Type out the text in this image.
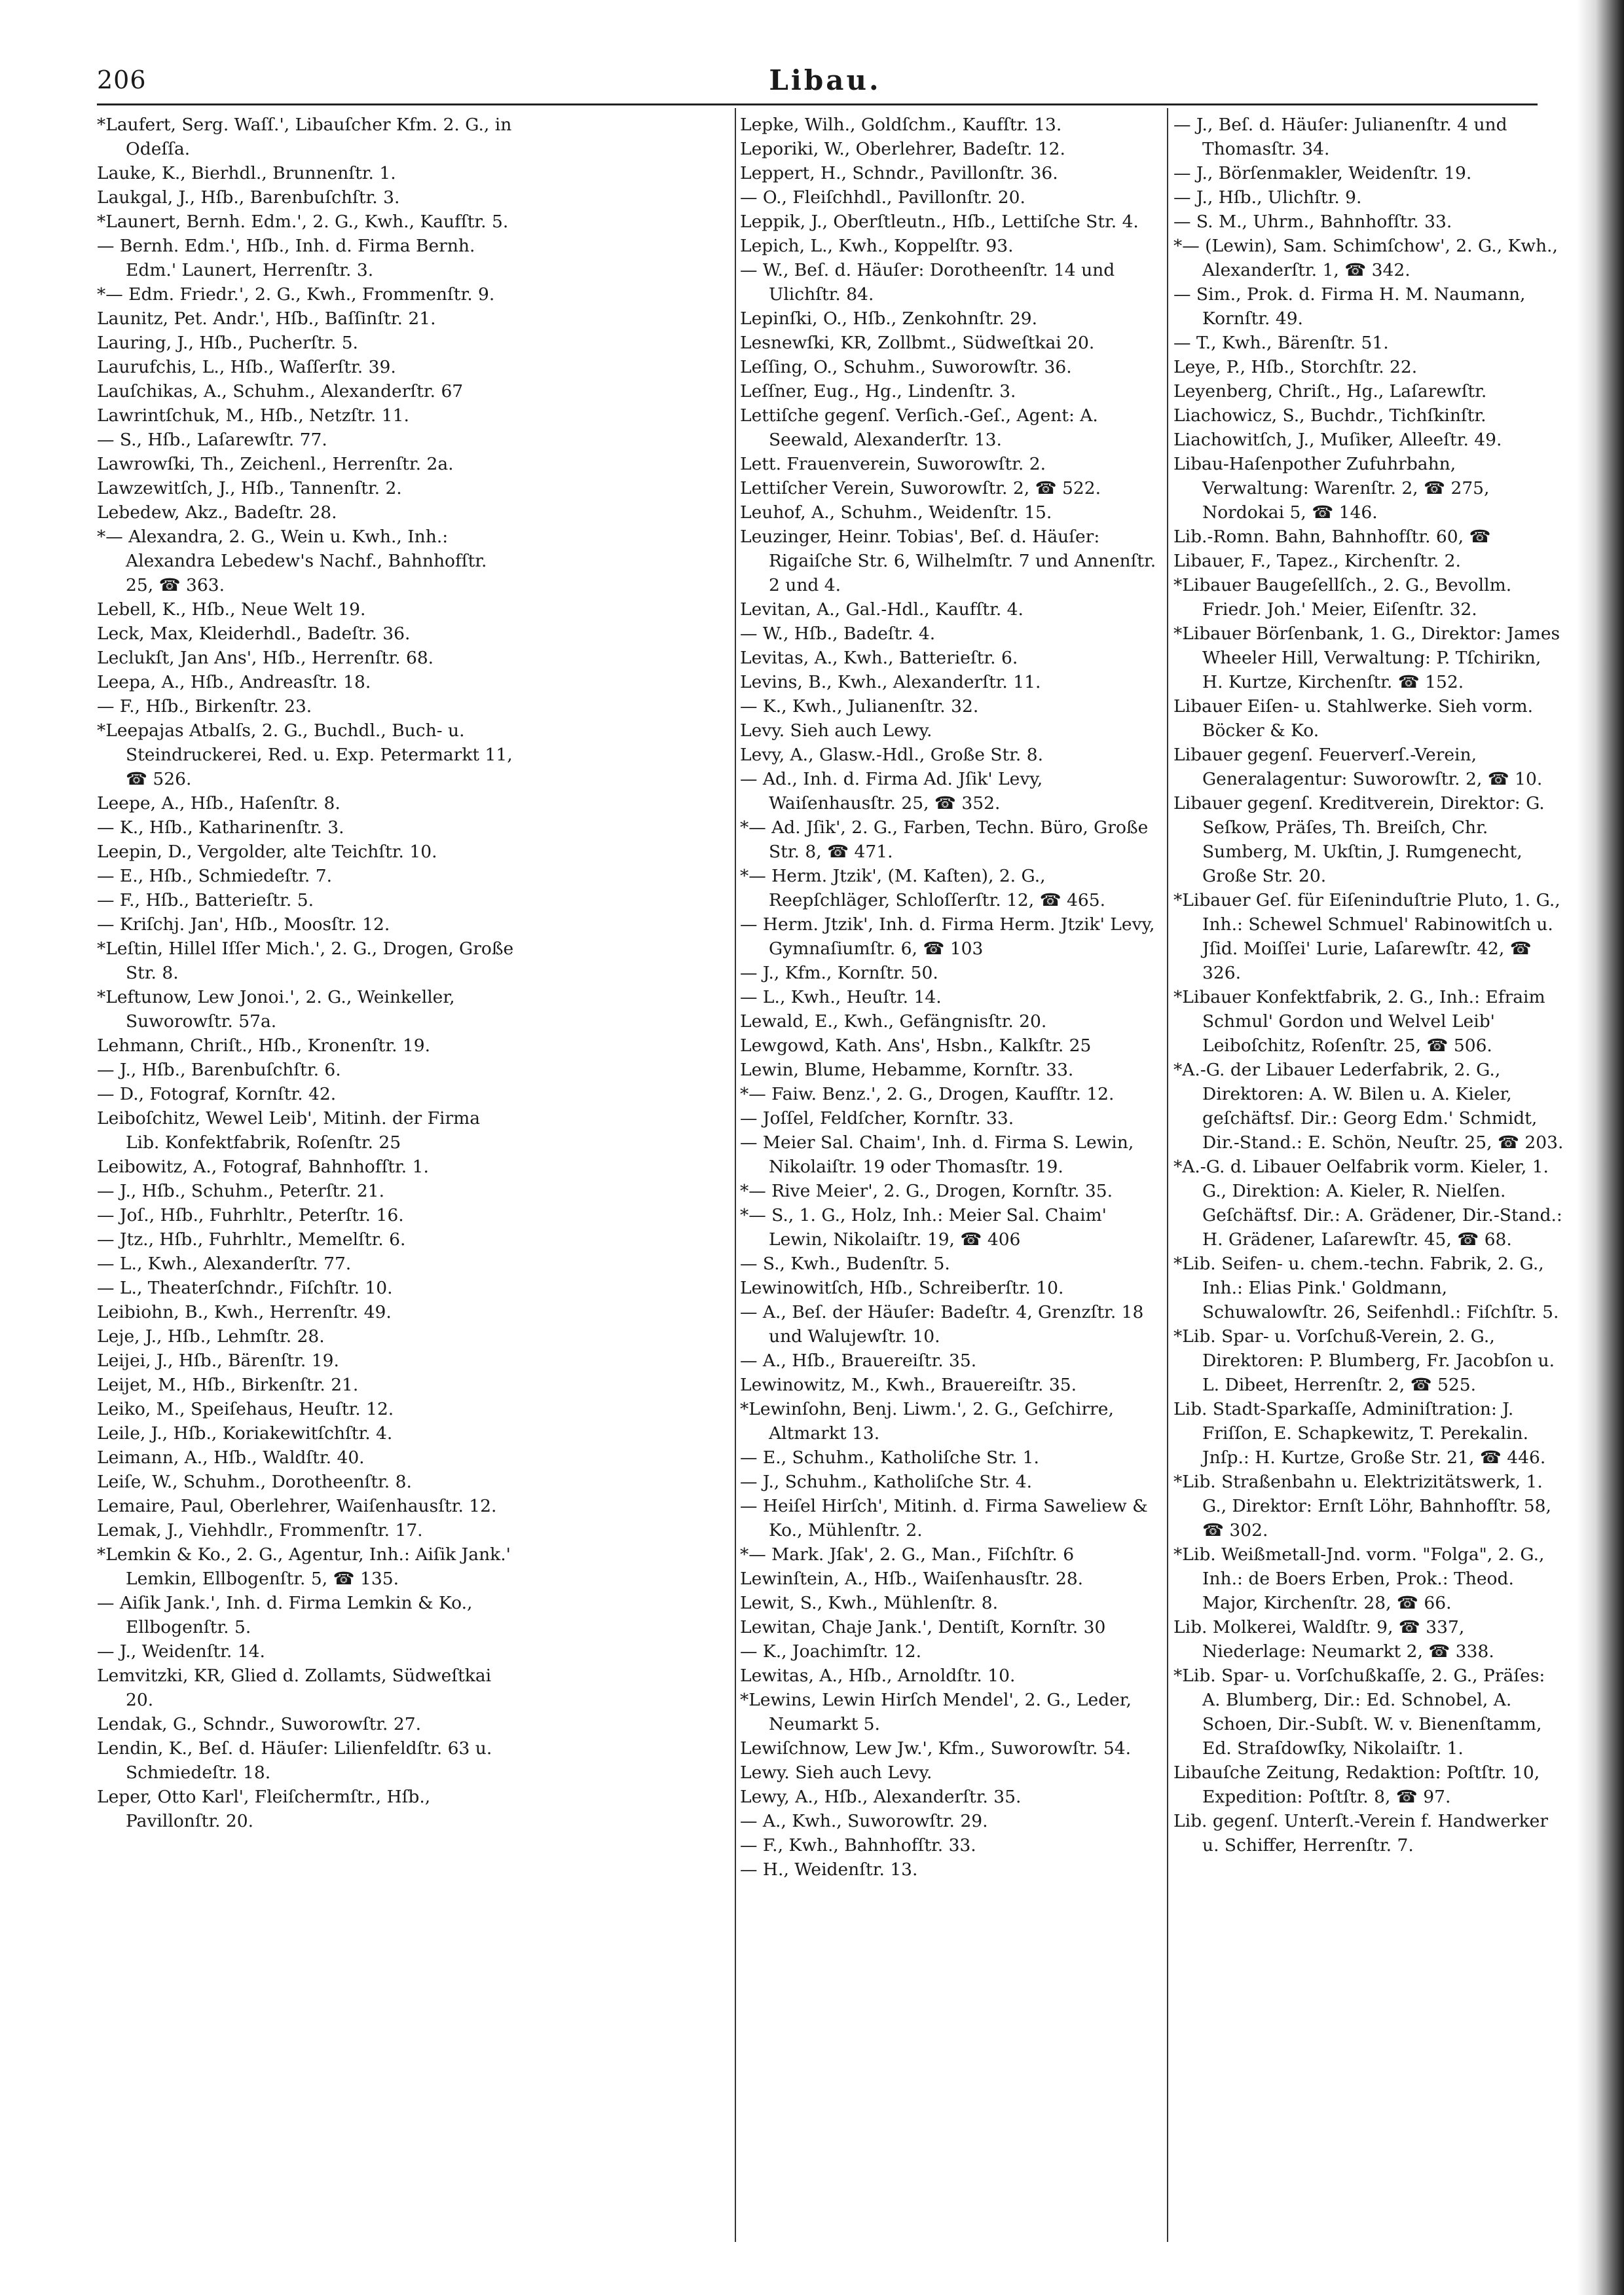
206	Libau.

*Laufert, Serg. Waſſ.', Libauſcher Kfm. 2. G., in Odeſſa.

Lauke, K., Bierhdl., Brunnenſtr. 1.

Laukgal, J., Hſb., Barenbuſchſtr. 3.

*Launert, Bernh. Edm.', 2. G., Kwh., Kaufſtr. 5.

— Bernh. Edm.', Hſb., Inh. d. Firma Bernh. Edm.' Launert, Herrenſtr. 3.

*— Edm. Friedr.', 2. G., Kwh., Frommenſtr. 9.

Launitz, Pet. Andr.', Hſb., Baſſinſtr. 21.

Lauring, J., Hſb., Pucherſtr. 5.

Laurufchis, L., Hſb., Waſſerſtr. 39.

Lauſchikas, A., Schuhm., Alexanderſtr. 67

Lawrintſchuk, M., Hſb., Netzſtr. 11.

— S., Hſb., Laſarewſtr. 77.

Lawrowſki, Th., Zeichenl., Herrenſtr. 2a.

Lawzewitſch, J., Hſb., Tannenſtr. 2.

Lebedew, Akz., Badeſtr. 28.

*— Alexandra, 2. G., Wein u. Kwh., Inh.: Alexandra Lebedew's Nachf., Bahnhofſtr. 25, ☎ 363.

Lebell, K., Hſb., Neue Welt 19.

Leck, Max, Kleiderhdl., Badeſtr. 36.

Leclukſt, Jan Ans', Hſb., Herrenſtr. 68.

Leepa, A., Hſb., Andreasſtr. 18.

— F., Hſb., Birkenſtr. 23.

*Leepajas Atbalſs, 2. G., Buchdl., Buch- u. Steindruckerei, Red. u. Exp. Petermarkt 11, ☎ 526.

Leepe, A., Hſb., Haſenſtr. 8.

— K., Hſb., Katharinenſtr. 3.

Leepin, D., Vergolder, alte Teichſtr. 10.

— E., Hſb., Schmiedeſtr. 7.

— F., Hſb., Batterieſtr. 5.

— Kriſchj. Jan', Hſb., Moosſtr. 12.

*Leſtin, Hillel Iſſer Mich.', 2. G., Drogen, Große Str. 8.

*Leftunow, Lew Jonoi.', 2. G., Weinkeller, Suworowſtr. 57a.

Lehmann, Chriſt., Hſb., Kronenſtr. 19.

— J., Hſb., Barenbuſchſtr. 6.

— D., Fotograf, Kornſtr. 42.

Leiboſchitz, Wewel Leib', Mitinh. der Firma Lib. Konfektfabrik, Roſenſtr. 25

Leibowitz, A., Fotograf, Bahnhofſtr. 1.

— J., Hſb., Schuhm., Peterſtr. 21.

— Joſ., Hſb., Fuhrhltr., Peterſtr. 16.

— Jtz., Hſb., Fuhrhltr., Memelſtr. 6.

— L., Kwh., Alexanderſtr. 77.

— L., Theaterſchndr., Fiſchſtr. 10.

Leibiohn, B., Kwh., Herrenſtr. 49.

Leje, J., Hſb., Lehmſtr. 28.

Leijei, J., Hſb., Bärenſtr. 19.

Leijet, M., Hſb., Birkenſtr. 21.

Leiko, M., Speiſehaus, Heuſtr. 12.

Leile, J., Hſb., Koriakewitſchſtr. 4.

Leimann, A., Hſb., Waldſtr. 40.

Leiſe, W., Schuhm., Dorotheenſtr. 8.

Lemaire, Paul, Oberlehrer, Waiſenhausſtr. 12.

Lemak, J., Viehhdlr., Frommenſtr. 17.

*Lemkin & Ko., 2. G., Agentur, Inh.: Aiſik Jank.' Lemkin, Ellbogenſtr. 5, ☎ 135.

— Aiſik Jank.', Inh. d. Firma Lemkin & Ko., Ellbogenſtr. 5.

— J., Weidenſtr. 14.

Lemvitzki, KR, Glied d. Zollamts, Südweſtkai 20.

Lendak, G., Schndr., Suworowſtr. 27.

Lendin, K., Beſ. d. Häuſer: Lilienfeldſtr. 63 u. Schmiedeſtr. 18.

Leper, Otto Karl', Fleiſchermſtr., Hſb., Pavillonſtr. 20.

Lepke, Wilh., Goldſchm., Kaufſtr. 13.

Leporiki, W., Oberlehrer, Badeſtr. 12.

Leppert, H., Schndr., Pavillonſtr. 36.

— O., Fleiſchhdl., Pavillonſtr. 20.

Leppik, J., Oberſtleutn., Hſb., Lettiſche Str. 4.

Lepich, L., Kwh., Koppelſtr. 93.

— W., Beſ. d. Häuſer: Dorotheenſtr. 14 und Ulichſtr. 84.

Lepinſki, O., Hſb., Zenkohnſtr. 29.

Lesnewſki, KR, Zollbmt., Südweſtkai 20.

Leſſing, O., Schuhm., Suworowſtr. 36.

Leſſner, Eug., Hg., Lindenſtr. 3.

Lettiſche gegenſ. Verſich.-Geſ., Agent: A. Seewald, Alexanderſtr. 13.

Lett. Frauenverein, Suworowſtr. 2.

Lettiſcher Verein, Suworowſtr. 2, ☎ 522.

Leuhof, A., Schuhm., Weidenſtr. 15.

Leuzinger, Heinr. Tobias', Beſ. d. Häuſer: Rigaiſche Str. 6, Wilhelmſtr. 7 und Annenſtr. 2 und 4.

Levitan, A., Gal.-Hdl., Kaufſtr. 4.

— W., Hſb., Badeſtr. 4.

Levitas, A., Kwh., Batterieſtr. 6.

Levins, B., Kwh., Alexanderſtr. 11.

— K., Kwh., Julianenſtr. 32.

Levy. Sieh auch Lewy.

Levy, A., Glasw.-Hdl., Große Str. 8.

— Ad., Inh. d. Firma Ad. Jſik' Levy, Waiſenhausſtr. 25, ☎ 352.

*— Ad. Jſik', 2. G., Farben, Techn. Büro, Große Str. 8, ☎ 471.

*— Herm. Jtzik', (M. Kaſten), 2. G., Reepſchläger, Schloſſerſtr. 12, ☎ 465.

— Herm. Jtzik', Inh. d. Firma Herm. Jtzik' Levy, Gymnaſiumſtr. 6, ☎ 103

— J., Kfm., Kornſtr. 50.

— L., Kwh., Heuſtr. 14.

Lewald, E., Kwh., Gefängnisſtr. 20.

Lewgowd, Kath. Ans', Hsbn., Kalkſtr. 25

Lewin, Blume, Hebamme, Kornſtr. 33.

*— Faiw. Benz.', 2. G., Drogen, Kaufſtr. 12.

— Joſſel, Feldſcher, Kornſtr. 33.

— Meier Sal. Chaim', Inh. d. Firma S. Lewin, Nikolaiſtr. 19 oder Thomasſtr. 19.

*— Rive Meier', 2. G., Drogen, Kornſtr. 35.

*— S., 1. G., Holz, Inh.: Meier Sal. Chaim' Lewin, Nikolaiſtr. 19, ☎ 406

— S., Kwh., Budenſtr. 5.

Lewinowitſch, Hſb., Schreiberſtr. 10.

— A., Beſ. der Häuſer: Badeſtr. 4, Grenzſtr. 18 und Walujewſtr. 10.

— A., Hſb., Brauereiſtr. 35.

Lewinowitz, M., Kwh., Brauereiſtr. 35.

*Lewinſohn, Benj. Liwm.', 2. G., Geſchirre, Altmarkt 13.

— E., Schuhm., Katholiſche Str. 1.

— J., Schuhm., Katholiſche Str. 4.

— Heiſel Hirſch', Mitinh. d. Firma Saweliew & Ko., Mühlenſtr. 2.

*— Mark. Jſak', 2. G., Man., Fiſchſtr. 6

Lewinſtein, A., Hſb., Waiſenhausſtr. 28.

Lewit, S., Kwh., Mühlenſtr. 8.

Lewitan, Chaje Jank.', Dentiſt, Kornſtr. 30

— K., Joachimſtr. 12.

Lewitas, A., Hſb., Arnoldſtr. 10.

*Lewins, Lewin Hirſch Mendel', 2. G., Leder, Neumarkt 5.

Lewiſchnow, Lew Jw.', Kfm., Suworowſtr. 54.

Lewy. Sieh auch Levy.

Lewy, A., Hſb., Alexanderſtr. 35.

— A., Kwh., Suworowſtr. 29.

— F., Kwh., Bahnhofſtr. 33.

— H., Weidenſtr. 13.

— J., Beſ. d. Häuſer: Julianenſtr. 4 und Thomasſtr. 34.

— J., Börſenmakler, Weidenſtr. 19.

— J., Hſb., Ulichſtr. 9.

— S. M., Uhrm., Bahnhofſtr. 33.

*— (Lewin), Sam. Schimſchow', 2. G., Kwh., Alexanderſtr. 1, ☎ 342.

— Sim., Prok. d. Firma H. M. Naumann, Kornſtr. 49.

— T., Kwh., Bärenſtr. 51.

Leye, P., Hſb., Storchſtr. 22.

Leyenberg, Chriſt., Hg., Laſarewſtr.

Liachowicz, S., Buchdr., Tichſkinſtr.

Liachowitſch, J., Muſiker, Alleeſtr. 49.

Libau-Haſenpother Zufuhrbahn, Verwaltung: Warenſtr. 2, ☎ 275, Nordokai 5, ☎ 146.

Lib.-Romn. Bahn, Bahnhofſtr. 60, ☎

Libauer, F., Tapez., Kirchenſtr. 2.

*Libauer Baugeſellſch., 2. G., Bevollm. Friedr. Joh.' Meier, Eiſenſtr. 32.

*Libauer Börſenbank, 1. G., Direktor: James Wheeler Hill, Verwaltung: P. Tſchirikn, H. Kurtze, Kirchenſtr. ☎ 152.

Libauer Eiſen- u. Stahlwerke. Sieh vorm. Böcker & Ko.

Libauer gegenſ. Feuerverſ.-Verein, Generalagentur: Suworowſtr. 2, ☎ 10.

Libauer gegenſ. Kreditverein, Direktor: G. Seſkow, Präſes, Th. Breiſch, Chr. Sumberg, M. Ukſtin, J. Rumgenecht, Große Str. 20.

*Libauer Geſ. für Eiſeninduſtrie Pluto, 1. G., Inh.: Schewel Schmuel' Rabinowitſch u. Jſid. Moiſſei' Lurie, Laſarewſtr. 42, ☎ 326.

*Libauer Konfektfabrik, 2. G., Inh.: Efraim Schmul' Gordon und Welvel Leib' Leiboſchitz, Roſenſtr. 25, ☎ 506.

*A.-G. der Libauer Lederfabrik, 2. G., Direktoren: A. W. Bilen u. A. Kieler, geſchäftsf. Dir.: Georg Edm.' Schmidt, Dir.-Stand.: E. Schön, Neuſtr. 25, ☎ 203.

*A.-G. d. Libauer Oelfabrik vorm. Kieler, 1. G., Direktion: A. Kieler, R. Nielſen. Geſchäftsf. Dir.: A. Grädener, Dir.-Stand.: H. Grädener, Laſarewſtr. 45, ☎ 68.

*Lib. Seifen- u. chem.-techn. Fabrik, 2. G., Inh.: Elias Pink.' Goldmann, Schuwalowſtr. 26, Seifenhdl.: Fiſchſtr. 5.

*Lib. Spar- u. Vorſchuß-Verein, 2. G., Direktoren: P. Blumberg, Fr. Jacobſon u. L. Dibeet, Herrenſtr. 2, ☎ 525.

Lib. Stadt-Sparkaſſe, Adminiſtration: J. Friſſon, E. Schapkewitz, T. Perekalin. Jnſp.: H. Kurtze, Große Str. 21, ☎ 446.

*Lib. Straßenbahn u. Elektrizitätswerk, 1. G., Direktor: Ernſt Löhr, Bahnhofſtr. 58, ☎ 302.

*Lib. Weißmetall-Jnd. vorm. "Folga", 2. G., Inh.: de Boers Erben, Prok.: Theod. Major, Kirchenſtr. 28, ☎ 66.

Lib. Molkerei, Waldſtr. 9, ☎ 337, Niederlage: Neumarkt 2, ☎ 338.

*Lib. Spar- u. Vorſchußkaſſe, 2. G., Präſes: A. Blumberg, Dir.: Ed. Schnobel, A. Schoen, Dir.-Subſt. W. v. Bienenſtamm, Ed. Straſdowſky, Nikolaiſtr. 1.

Libauſche Zeitung, Redaktion: Poſtſtr. 10, Expedition: Poſtſtr. 8, ☎ 97.

Lib. gegenſ. Unterſt.-Verein f. Handwerker u. Schiffer, Herrenſtr. 7.
